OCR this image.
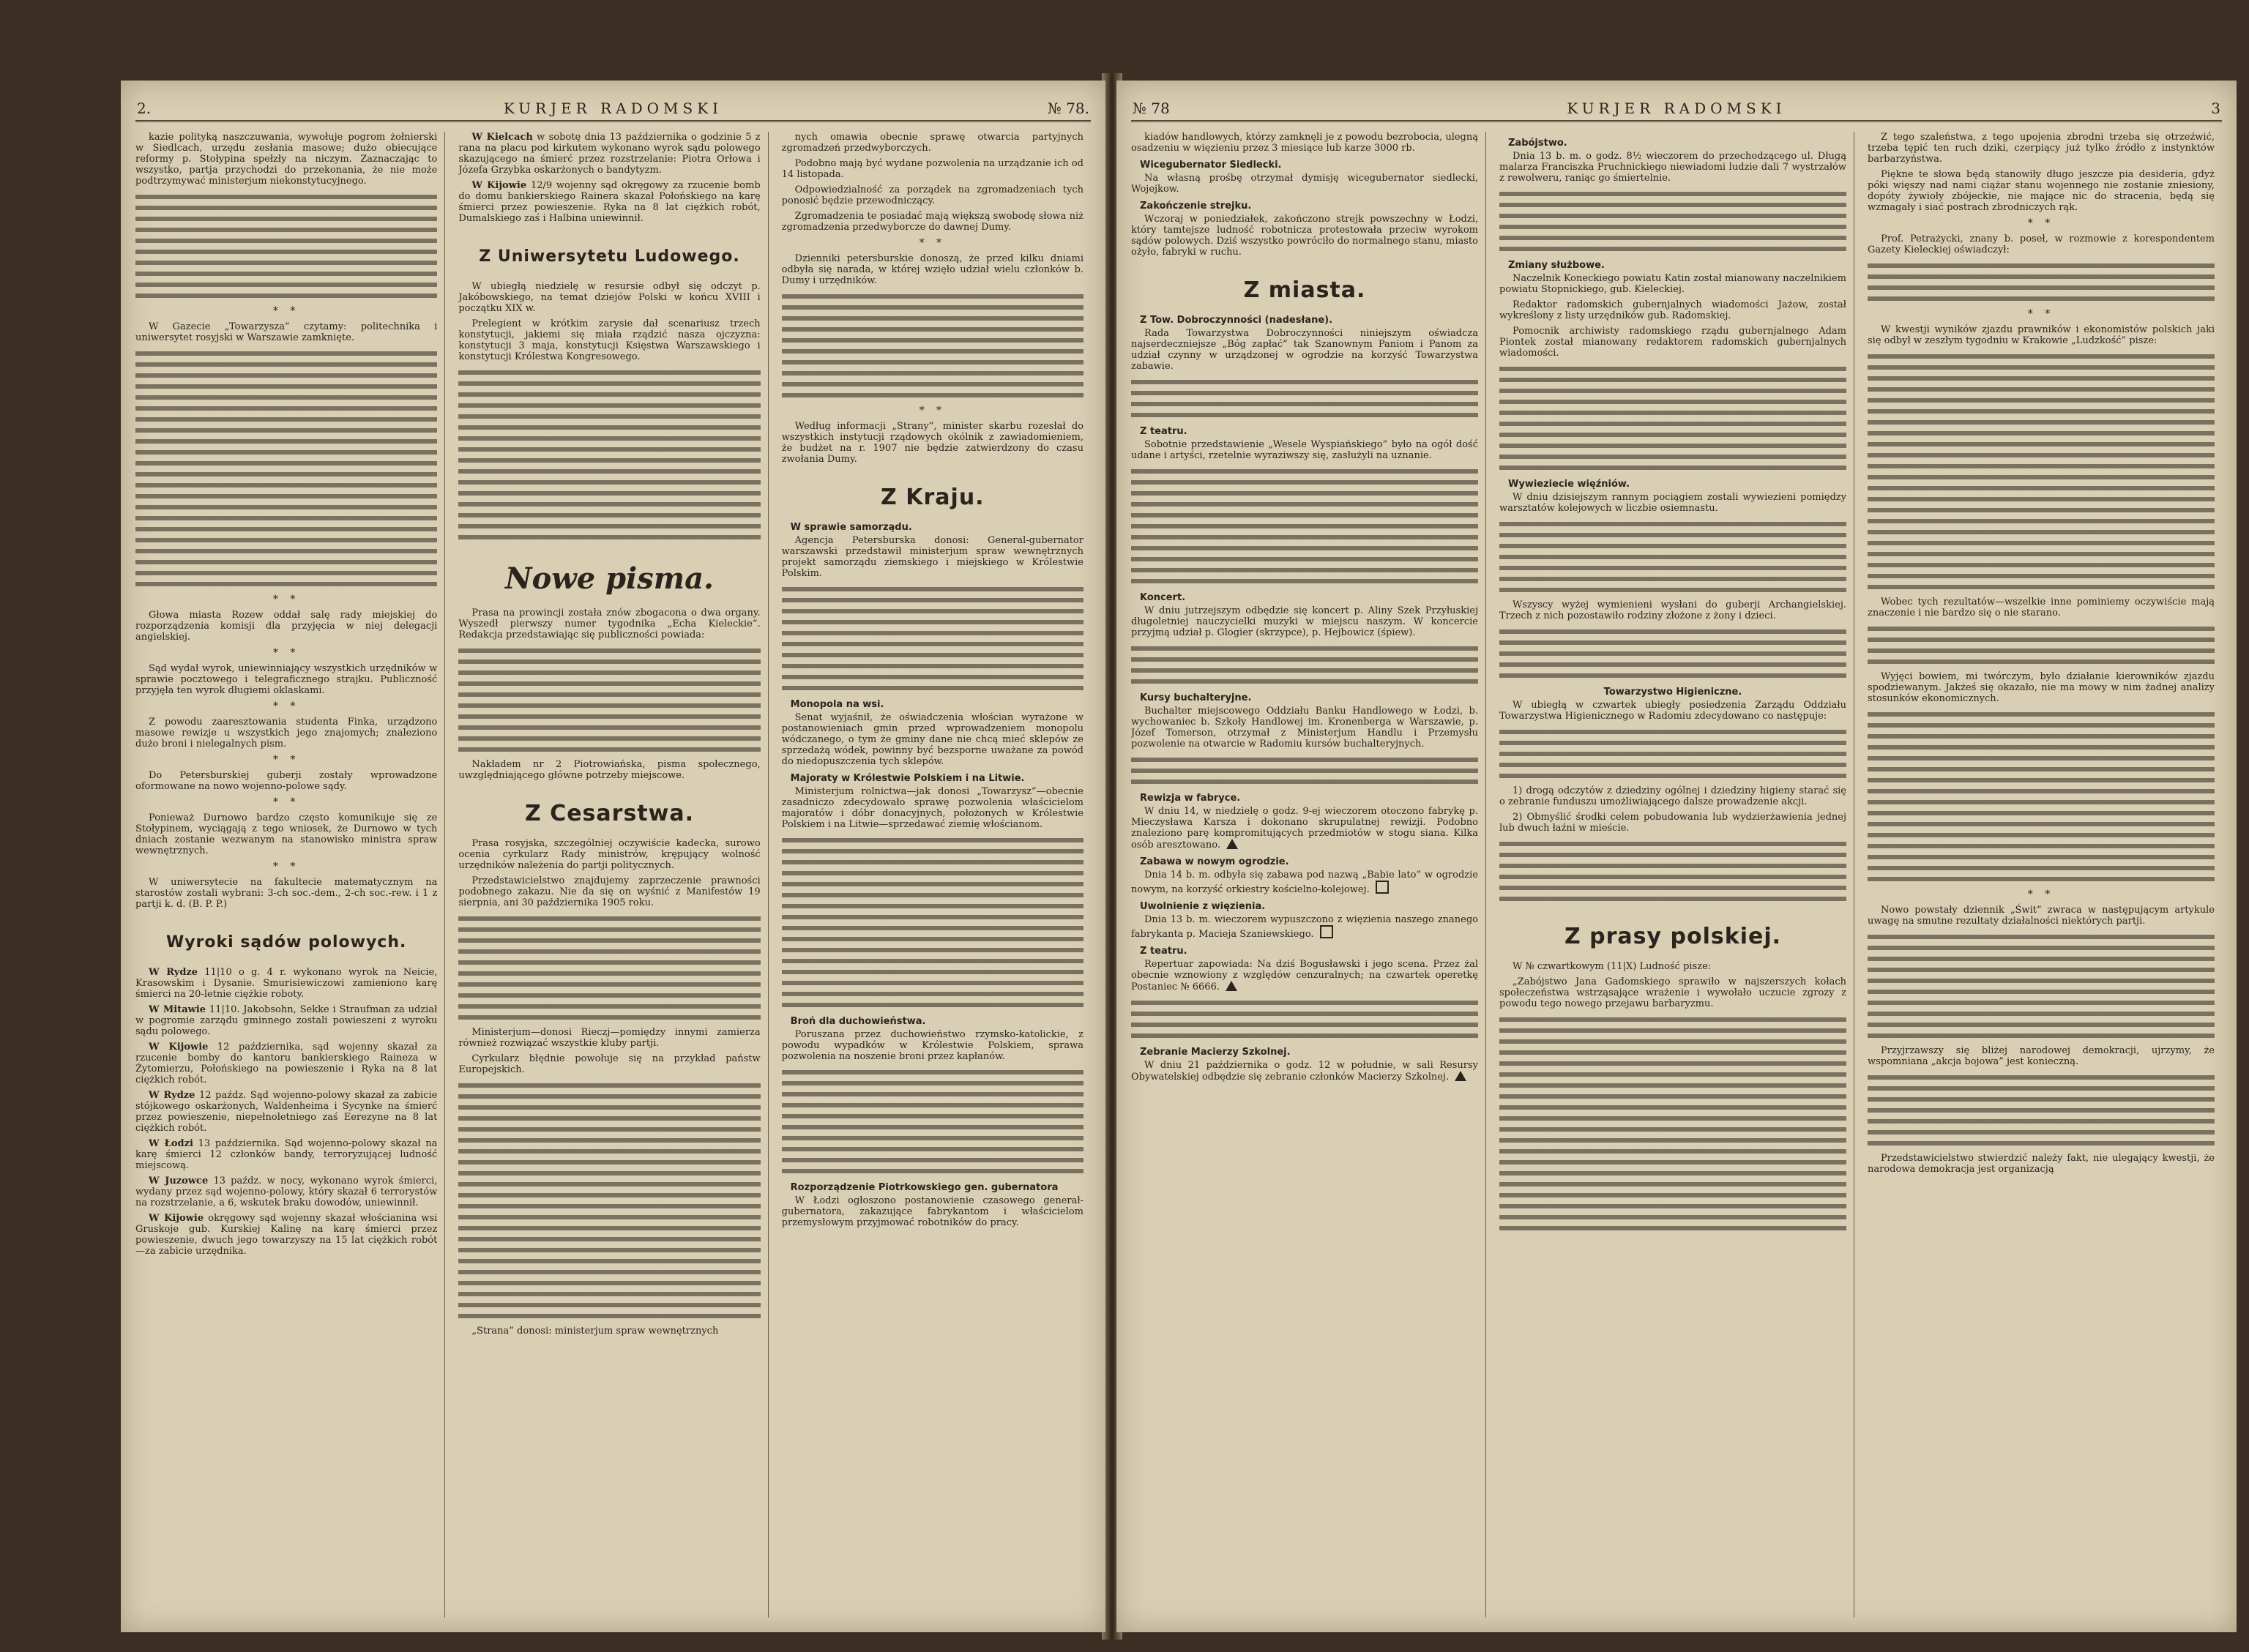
2.	KURJER RADOMSKI	№ 78.

kazie polityką naszczuwania, wywołuje pogrom żołnierski w Siedlcach, urzędu zesłania masowe; dużo obiecujące reformy p. Stołypina spełzły na niczym. Zaznaczając to wszystko, partja przychodzi do przekonania, że nie może podtrzymywać ministerjum niekonstytucyjnego.

* *

W Gazecie „Towarzysza” czytamy: politechnika i uniwersytet rosyjski w Warszawie zamknięte.

* *

Głowa miasta Rozew oddał salę rady miejskiej do rozporządzenia komisji dla przyjęcia w niej delegacji angielskiej.

* *

Sąd wydał wyrok, uniewinniający wszystkich urzędników w sprawie pocztowego i telegraficznego strajku. Publiczność przyjęła ten wyrok długiemi oklaskami.

* *

Z powodu zaaresztowania studenta Finka, urządzono masowe rewizje u wszystkich jego znajomych; znaleziono dużo broni i nielegalnych pism.

* *

Do Petersburskiej guberji zostały wprowadzone oformowane na nowo wojenno-polowe sądy.

* *

Ponieważ Durnowo bardzo często komunikuje się ze Stołypinem, wyciągają z tego wniosek, że Durnowo w tych dniach zostanie wezwanym na stanowisko ministra spraw wewnętrznych.

* *

W uniwersytecie na fakultecie matematycznym na starostów zostali wybrani: 3-ch soc.-dem., 2-ch soc.-rew. i 1 z partji k. d. (B. P. P.)

Wyroki sądów polowych.

W Rydze 11|10 o g. 4 r. wykonano wyrok na Neicie, Krasowskim i Dysanie. Smurisiewiczowi zamieniono karę śmierci na 20-letnie ciężkie roboty.

W Mitawie 11|10. Jakobsohn, Sekke i Straufman za udział w pogromie zarządu gminnego zostali powieszeni z wyroku sądu polowego.

W Kijowie 12 października, sąd wojenny skazał za rzucenie bomby do kantoru bankierskiego Raineza w Żytomierzu, Połońskiego na powieszenie i Ryka na 8 lat ciężkich robót.

W Rydze 12 paźdz. Sąd wojenno-polowy skazał za zabicie stójkowego oskarżonych, Waldenheima i Sycynke na śmierć przez powieszenie, niepełnoletniego zaś Eerezyne na 8 lat ciężkich robót.

W Łodzi 13 października. Sąd wojenno-polowy skazał na karę śmierci 12 członków bandy, terroryzującej ludność miejscową.

W Juzowce 13 paźdz. w nocy, wykonano wyrok śmierci, wydany przez sąd wojenno-polowy, który skazał 6 terrorystów na rozstrzelanie, a 6, wskutek braku dowodów, uniewinnił.

W Kijowie okręgowy sąd wojenny skazał włościanina wsi Gruskoje gub. Kurskiej Kalinę na karę śmierci przez powieszenie, dwuch jego towarzyszy na 15 lat ciężkich robót—za zabicie urzędnika.

W Kielcach w sobotę dnia 13 października o godzinie 5 z rana na placu pod kirkutem wykonano wyrok sądu polowego skazującego na śmierć przez rozstrzelanie: Piotra Orłowa i Józefa Grzybka oskarżonych o bandytyzm.

W Kijowie 12/9 wojenny sąd okręgowy za rzucenie bomb do domu bankierskiego Rainera skazał Połońskiego na karę śmierci przez powieszenie. Ryka na 8 lat ciężkich robót, Dumalskiego zaś i Halbina uniewinnił.

Z Uniwersytetu Ludowego.

W ubiegłą niedzielę w resursie odbył się odczyt p. Jakóbowskiego, na temat dziejów Polski w końcu XVIII i początku XIX w.

Prelegient w krótkim zarysie dał scenariusz trzech konstytucji, jakiemi się miała rządzić nasza ojczyzna: konstytucji 3 maja, konstytucji Księstwa Warszawskiego i konstytucji Królestwa Kongresowego.

Nowe pisma.

Prasa na prowincji została znów zbogacona o dwa organy. Wyszedł pierwszy numer tygodnika „Echa Kieleckie”. Redakcja przedstawiając się publiczności powiada:

Nakładem nr 2 Piotrowiańska, pisma społecznego, uwzględniającego główne potrzeby miejscowe.

Z Cesarstwa.

Prasa rosyjska, szczególniej oczywiście kadecka, surowo ocenia cyrkularz Rady ministrów, krępujący wolność urzędników należenia do partji politycznych.

Przedstawicielstwo znajdujemy zaprzeczenie prawności podobnego zakazu. Nie da się on wyśnić z Manifestów 19 sierpnia, ani 30 października 1905 roku.

Ministerjum—donosi Rieczj—pomiędzy innymi zamierza również rozwiązać wszystkie kluby partji.

Cyrkularz błędnie powołuje się na przykład państw Europejskich.

„Strana” donosi: ministerjum spraw wewnętrznych

nych omawia obecnie sprawę otwarcia partyjnych zgromadzeń przedwyborczych.

Podobno mają być wydane pozwolenia na urządzanie ich od 14 listopada.

Odpowiedzialność za porządek na zgromadzeniach tych ponosić będzie przewodniczący.

Zgromadzenia te posiadać mają większą swobodę słowa niż zgromadzenia przedwyborcze do dawnej Dumy.

* *

Dzienniki petersburskie donoszą, że przed kilku dniami odbyła się narada, w której wzięło udział wielu członków b. Dumy i urzędników.

* *

Według informacji „Strany”, minister skarbu rozesłał do wszystkich instytucji rządowych okólnik z zawiadomieniem, że budżet na r. 1907 nie będzie zatwierdzony do czasu zwołania Dumy.

Z Kraju.
W sprawie samorządu.

Agencja Petersburska donosi: General-gubernator warszawski przedstawił ministerjum spraw wewnętrznych projekt samorządu ziemskiego i miejskiego w Królestwie Polskim.

Monopola na wsi.

Senat wyjaśnił, że oświadczenia włościan wyrażone w postanowieniach gmin przed wprowadzeniem monopolu wódczanego, o tym że gminy dane nie chcą mieć sklepów ze sprzedażą wódek, powinny być bezsporne uważane za powód do niedopuszczenia tych sklepów.

Majoraty w Królestwie Polskiem i na Litwie.

Ministerjum rolnictwa—jak donosi „Towarzysz”—obecnie zasadniczo zdecydowało sprawę pozwolenia właścicielom majoratów i dóbr donacyjnych, położonych w Królestwie Polskiem i na Litwie—sprzedawać ziemię włościanom.

Broń dla duchowieństwa.

Poruszana przez duchowieństwo rzymsko-katolickie, z powodu wypadków w Królestwie Polskiem, sprawa pozwolenia na noszenie broni przez kapłanów.

Rozporządzenie Piotrkowskiego gen. gubernatora

W Łodzi ogłoszono postanowienie czasowego generał-gubernatora, zakazujące fabrykantom i właścicielom przemysłowym przyjmować robotników do pracy.

№ 78	KURJER RADOMSKI	3

kiadów handlowych, którzy zamknęli je z powodu bezrobocia, ulegną osadzeniu w więzieniu przez 3 miesiące lub karze 3000 rb.

Wicegubernator Siedlecki.

Na własną prośbę otrzymał dymisję wicegubernator siedlecki, Wojejkow.

Zakończenie strejku.

Wczoraj w poniedziałek, zakończono strejk powszechny w Łodzi, który tamtejsze ludność robotnicza protestowała przeciw wyrokom sądów polowych. Dziś wszystko powróciło do normalnego stanu, miasto ożyło, fabryki w ruchu.

Z miasta.
Z Tow. Dobroczynności (nadesłane).

Rada Towarzystwa Dobroczynności niniejszym oświadcza najserdeczniejsze „Bóg zapłać” tak Szanownym Paniom i Panom za udział czynny w urządzonej w ogrodzie na korzyść Towarzystwa zabawie.

Z teatru.

Sobotnie przedstawienie „Wesele Wyspiańskiego” było na ogół dość udane i artyści, rzetelnie wyraziwszy się, zasłużyli na uznanie.

Koncert.

W dniu jutrzejszym odbędzie się koncert p. Aliny Szek Przyłuskiej długoletniej nauczycielki muzyki w miejscu naszym. W koncercie przyjmą udział p. Glogier (skrzypce), p. Hejbowicz (śpiew).

Kursy buchalteryjne.

Buchalter miejscowego Oddziału Banku Handlowego w Łodzi, b. wychowaniec b. Szkoły Handlowej im. Kronenberga w Warszawie, p. Józef Tomerson, otrzymał z Ministerjum Handlu i Przemysłu pozwolenie na otwarcie w Radomiu kursów buchalteryjnych.

Rewizja w fabryce.

W dniu 14, w niedzielę o godz. 9-ej wieczorem otoczono fabrykę p. Mieczysława Karsza i dokonano skrupulatnej rewizji. Podobno znaleziono parę kompromitujących przedmiotów w stogu siana. Kilka osób aresztowano.

Zabawa w nowym ogrodzie.

Dnia 14 b. m. odbyła się zabawa pod nazwą „Babie lato” w ogrodzie nowym, na korzyść orkiestry kościelno-kolejowej.

Uwolnienie z więzienia.

Dnia 13 b. m. wieczorem wypuszczono z więzienia naszego znanego fabrykanta p. Macieja Szaniewskiego.

Z teatru.

Repertuar zapowiada: Na dziś Bogusławski i jego scena. Przez żal obecnie wznowiony z względów cenzuralnych; na czwartek operetkę Postaniec № 6666.

Zebranie Macierzy Szkolnej.

W dniu 21 października o godz. 12 w południe, w sali Resursy Obywatelskiej odbędzie się zebranie członków Macierzy Szkolnej.

Zabójstwo.

Dnia 13 b. m. o godz. 8½ wieczorem do przechodzącego ul. Długą malarza Franciszka Pruchnickiego niewiadomi ludzie dali 7 wystrzałów z rewolweru, raniąc go śmiertelnie.

Zmiany służbowe.

Naczelnik Koneckiego powiatu Katin został mianowany naczelnikiem powiatu Stopnickiego, gub. Kieleckiej.

Redaktor radomskich gubernjalnych wiadomości Jażow, został wykreślony z listy urzędników gub. Radomskiej.

Pomocnik archiwisty radomskiego rządu gubernjalnego Adam Piontek został mianowany redaktorem radomskich gubernjalnych wiadomości.

Wywieziecie więźniów.

W dniu dzisiejszym rannym pociągiem zostali wywiezieni pomiędzy warsztatów kolejowych w liczbie osiemnastu.

Wszyscy wyżej wymienieni wysłani do guberji Archangielskiej. Trzech z nich pozostawiło rodziny złożone z żony i dzieci.

Towarzystwo Higieniczne.

W ubiegłą w czwartek ubiegły posiedzenia Zarządu Oddziału Towarzystwa Higienicznego w Radomiu zdecydowano co następuje:

1) drogą odczytów z dziedziny ogólnej i dziedziny higieny starać się o zebranie funduszu umożliwiającego dalsze prowadzenie akcji.

2) Obmyślić środki celem pobudowania lub wydzierżawienia jednej lub dwuch łaźni w mieście.

Z prasy polskiej.

W № czwartkowym (11|X) Ludność pisze:

„Zabójstwo Jana Gadomskiego sprawiło w najszerszych kołach społeczeństwa wstrząsające wrażenie i wywołało uczucie zgrozy z powodu tego nowego przejawu barbaryzmu.

Z tego szaleństwa, z tego upojenia zbrodni trzeba się otrzeźwić, trzeba tępić ten ruch dziki, czerpiący już tylko źródło z instynktów barbarzyństwa.

Piękne te słowa będą stanowiły długo jeszcze pia desideria, gdyż póki więszy nad nami ciążar stanu wojennego nie zostanie zniesiony, dopóty żywioły zbójeckie, nie mające nic do stracenia, będą się wzmagały i siać postrach zbrodniczych rąk.

* *

Prof. Petrażycki, znany b. poseł, w rozmowie z korespondentem Gazety Kieleckiej oświadczył:

* *

W kwestji wyników zjazdu prawników i ekonomistów polskich jaki się odbył w zeszłym tygodniu w Krakowie „Ludzkość” pisze:

Wobec tych rezultatów—wszelkie inne pominiemy oczywiście mają znaczenie i nie bardzo się o nie starano.

Wyjęci bowiem, mi twórczym, było działanie kierowników zjazdu spodziewanym. Jakżeś się okazało, nie ma mowy w nim żadnej analizy stosunków ekonomicznych.

* *

Nowo powstały dziennik „Świt” zwraca w następującym artykule uwagę na smutne rezultaty działalności niektórych partji.

Przyjrzawszy się bliżej narodowej demokracji, ujrzymy, że wspomniana „akcja bojowa” jest konieczną.

Przedstawicielstwo stwierdzić należy fakt, nie ulegający kwestji, że narodowa demokracja jest organizacją
